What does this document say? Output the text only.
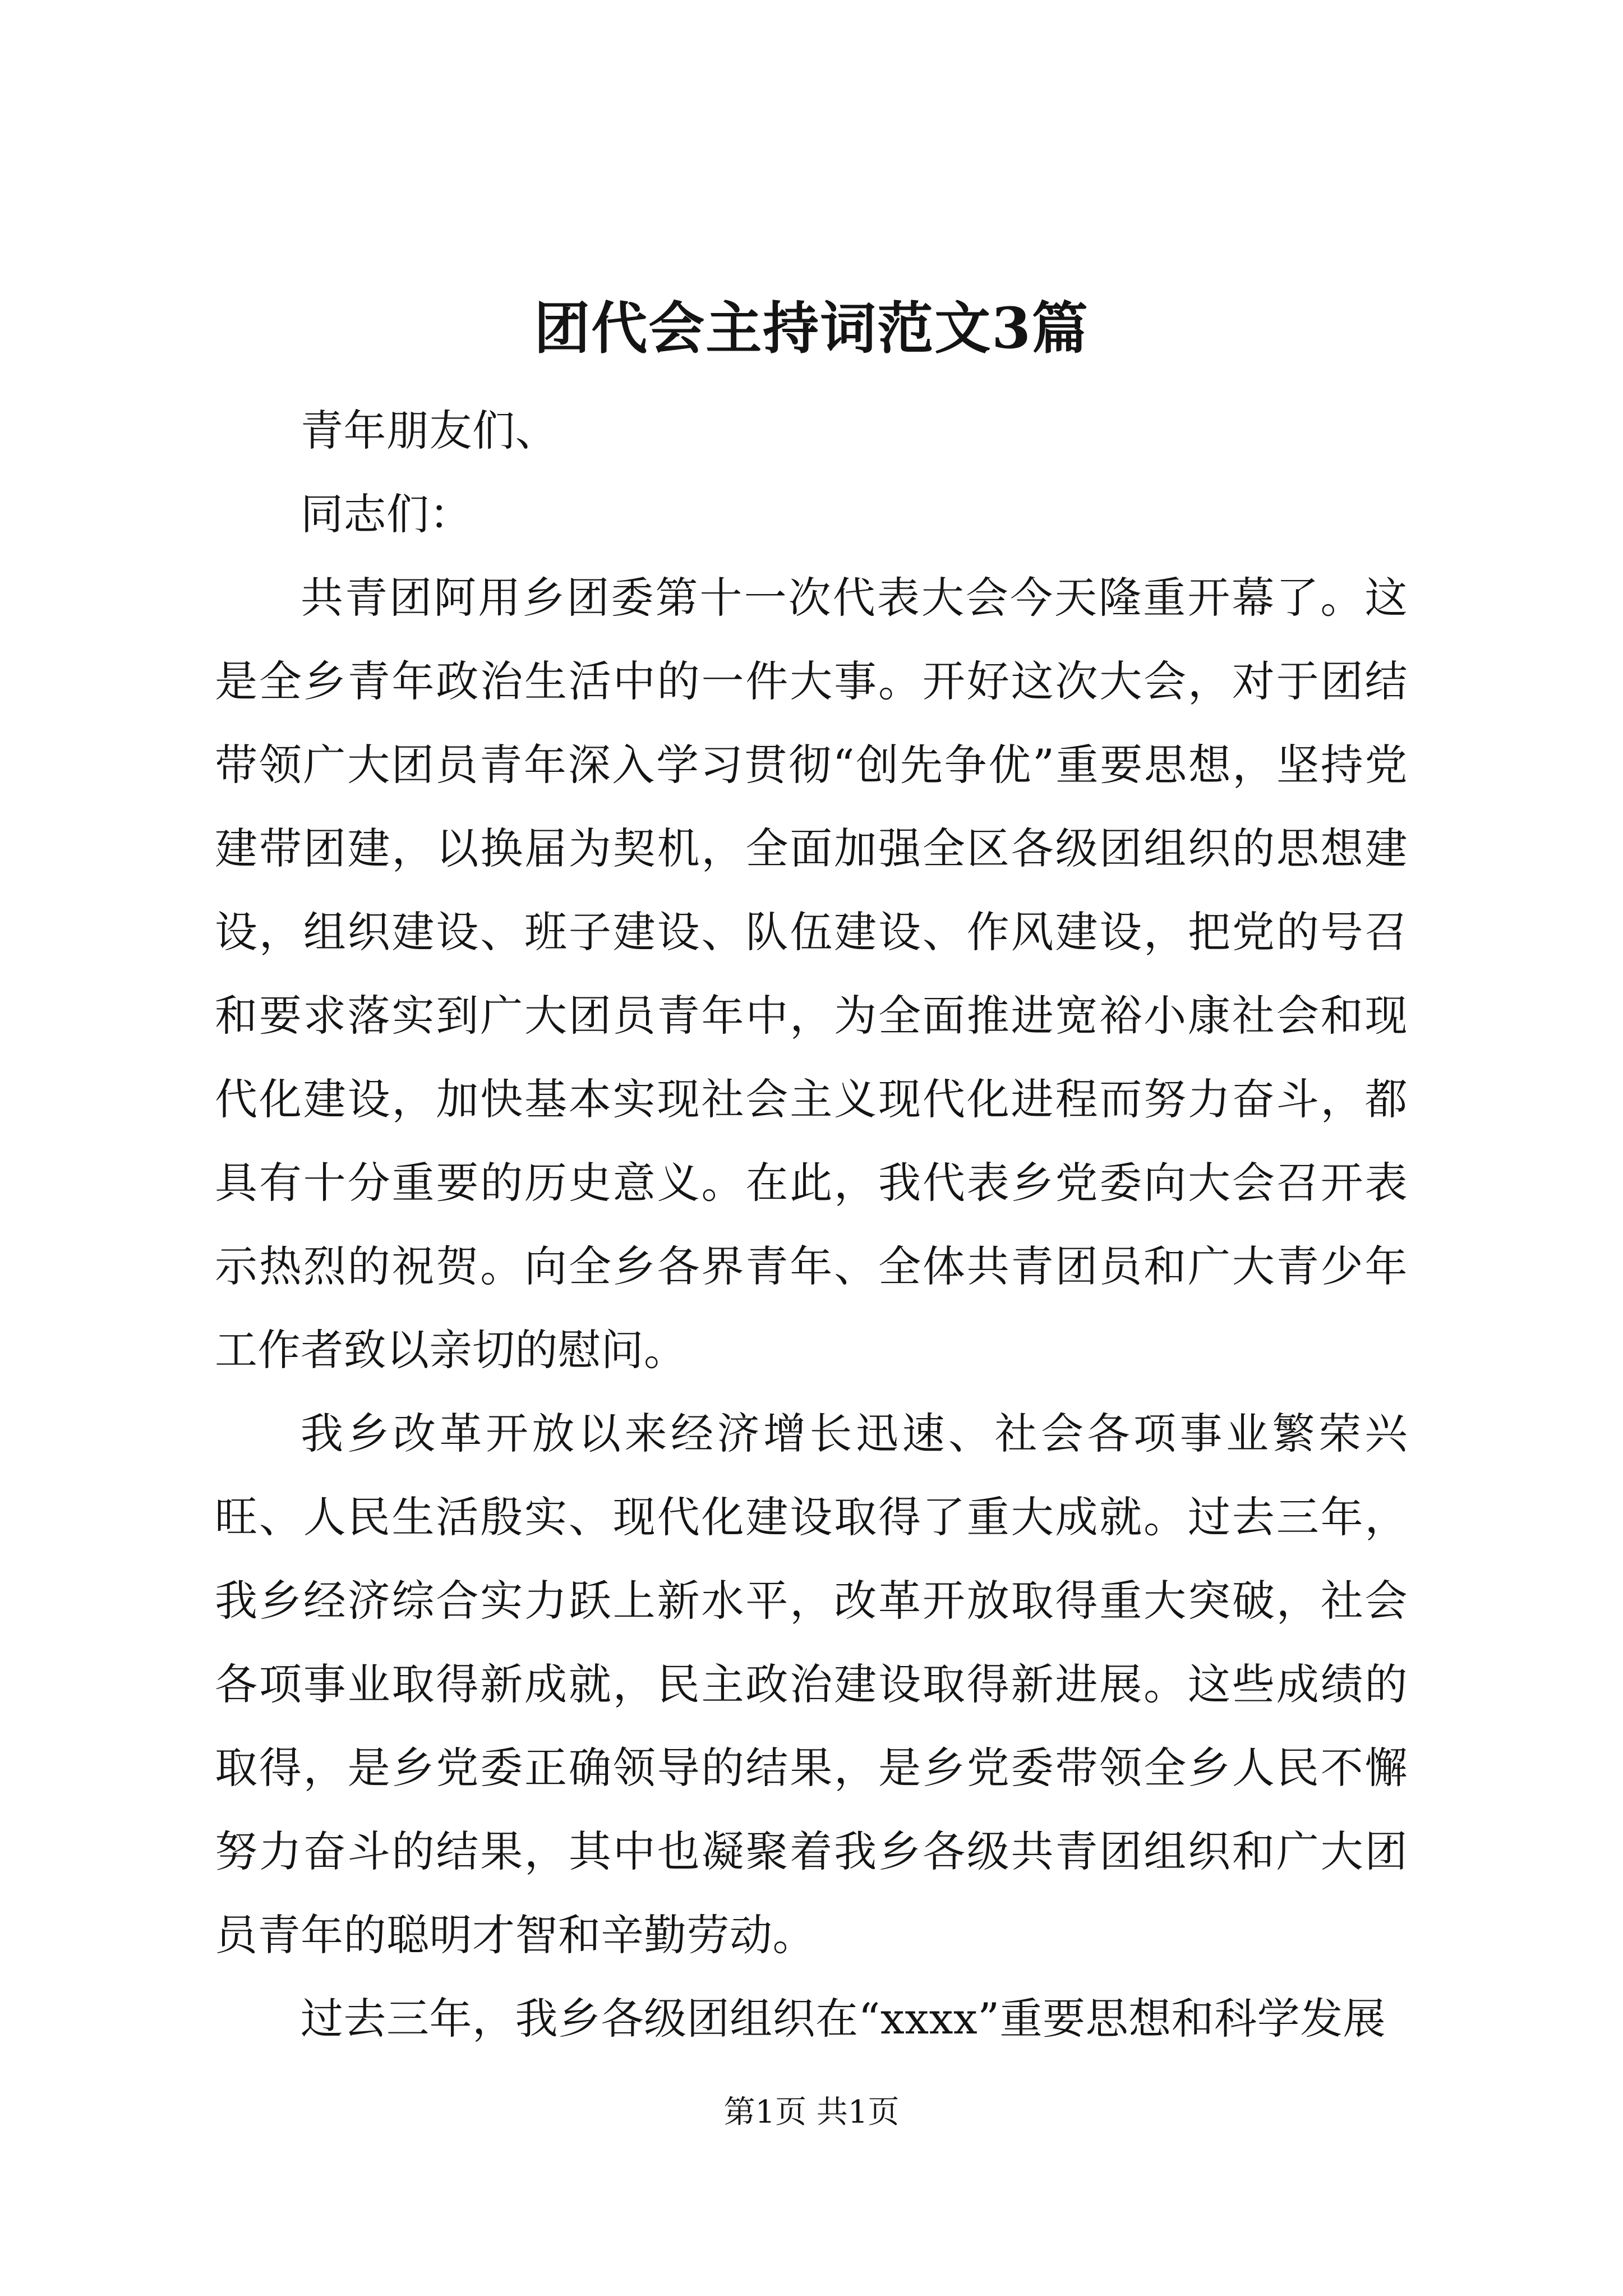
团代会主持词范文3篇

青年朋友们、

同志们：

共青团阿用乡团委第十一次代表大会今天隆重开幕了。这是全乡青年政治生活中的一件大事。开好这次大会，对于团结带领广大团员青年深入学习贯彻“创先争优”重要思想，坚持党建带团建，以换届为契机，全面加强全区各级团组织的思想建设，组织建设、班子建设、队伍建设、作风建设，把党的号召和要求落实到广大团员青年中，为全面推进宽裕小康社会和现代化建设，加快基本实现社会主义现代化进程而努力奋斗，都具有十分重要的历史意义。在此，我代表乡党委向大会召开表示热烈的祝贺。向全乡各界青年、全体共青团员和广大青少年工作者致以亲切的慰问。

我乡改革开放以来经济增长迅速、社会各项事业繁荣兴旺、人民生活殷实、现代化建设取得了重大成就。过去三年，我乡经济综合实力跃上新水平，改革开放取得重大突破，社会各项事业取得新成就，民主政治建设取得新进展。这些成绩的取得，是乡党委正确领导的结果，是乡党委带领全乡人民不懈努力奋斗的结果，其中也凝聚着我乡各级共青团组织和广大团员青年的聪明才智和辛勤劳动。

过去三年，我乡各级团组织在“xxxx”重要思想和科学发展

第1页 共1页
